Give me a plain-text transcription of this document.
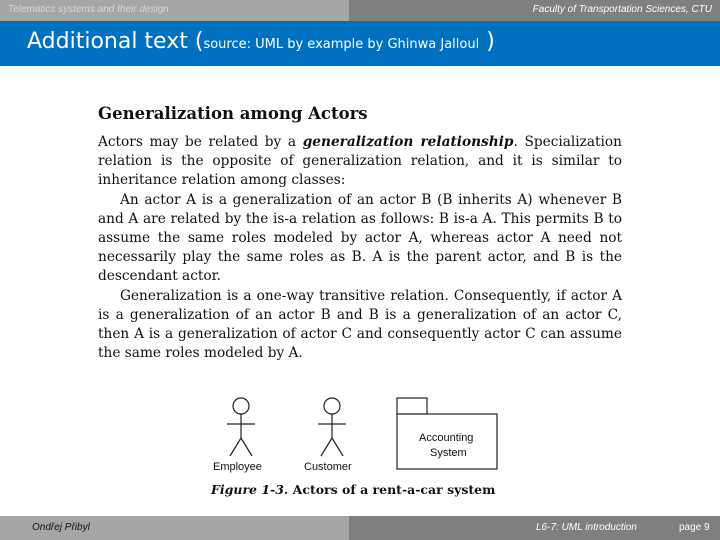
Telematics systems and their design	Faculty of Transportation Sciences, CTU
Additional text (source: UML by example by Ghinwa Jalloul )
Generalization among Actors

Actors may be related by a generalization relationship. Specialization relation is the opposite of generalization relation, and it is similar to inheritance relation among classes:

An actor A is a generalization of an actor B (B inherits A) whenever B and A are related by the is-a relation as follows: B is-a A. This permits B to assume the same roles modeled by actor A, whereas actor A need not necessarily play the same roles as B. A is the parent actor, and B is the descendant actor.

Generalization is a one-way transitive relation. Consequently, if actor A is a generalization of an actor B and B is a generalization of an actor C, then A is a generalization of actor C and consequently actor C can assume the same roles modeled by A.

Employee	Customer
Accounting
System
Figure 1-3. Actors of a rent-a-car system
Ondřej Přibyl	L6-7: UML introduction	page 9
